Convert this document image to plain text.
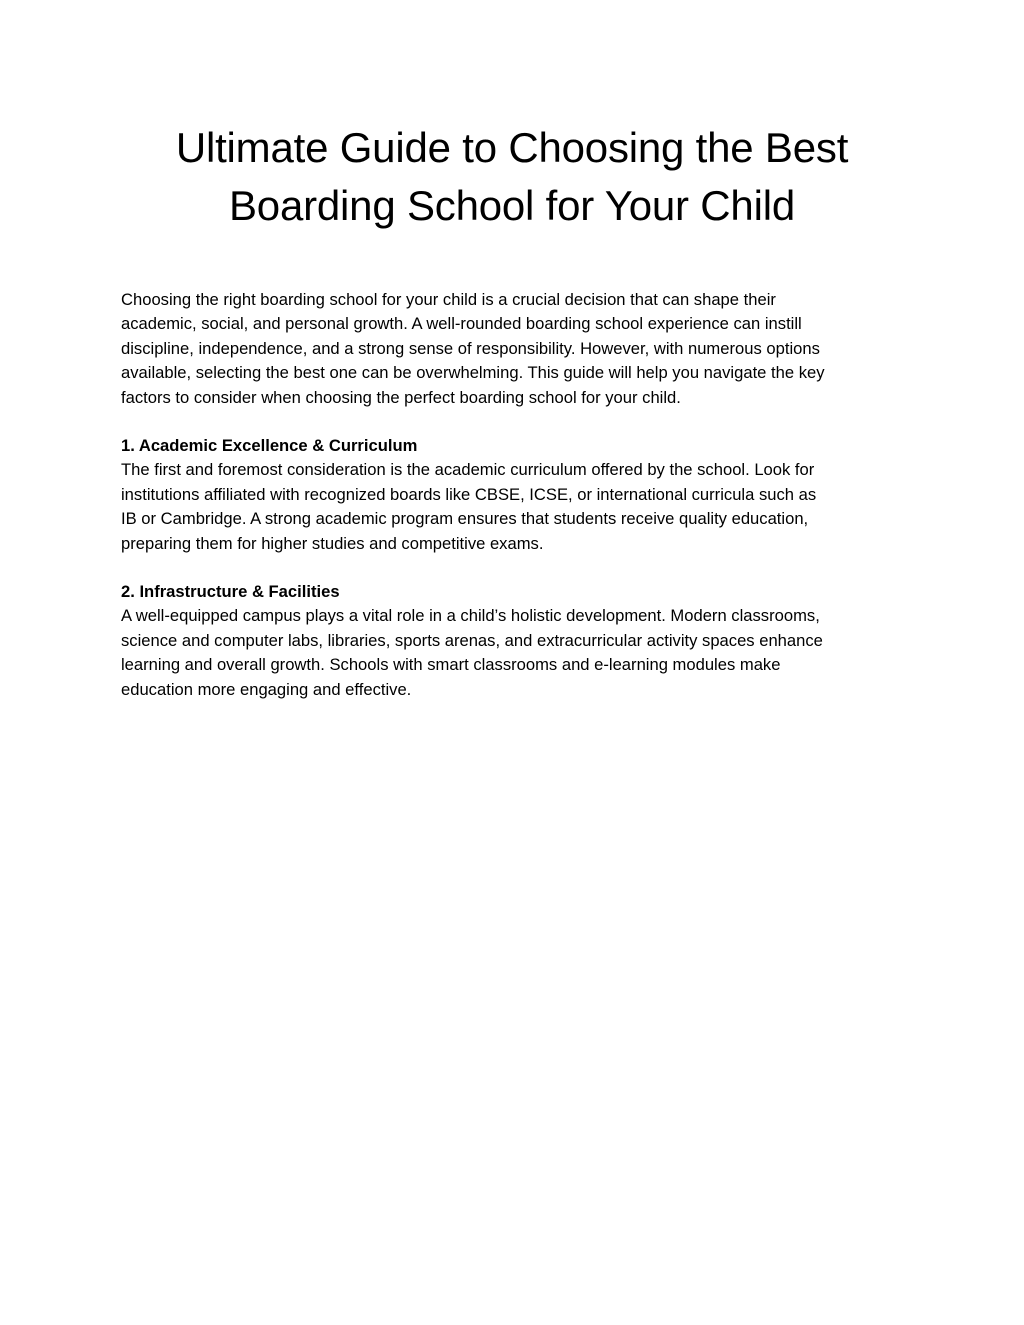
Ultimate Guide to Choosing the Best
Boarding School for Your Child
Choosing the right boarding school for your child is a crucial decision that can shape their
academic, social, and personal growth. A well-rounded boarding school experience can instill
discipline, independence, and a strong sense of responsibility. However, with numerous options
available, selecting the best one can be overwhelming. This guide will help you navigate the key
factors to consider when choosing the perfect boarding school for your child.
1. Academic Excellence & Curriculum
The first and foremost consideration is the academic curriculum offered by the school. Look for
institutions affiliated with recognized boards like CBSE, ICSE, or international curricula such as
IB or Cambridge. A strong academic program ensures that students receive quality education,
preparing them for higher studies and competitive exams.
2. Infrastructure & Facilities
A well-equipped campus plays a vital role in a child’s holistic development. Modern classrooms,
science and computer labs, libraries, sports arenas, and extracurricular activity spaces enhance
learning and overall growth. Schools with smart classrooms and e-learning modules make
education more engaging and effective.
